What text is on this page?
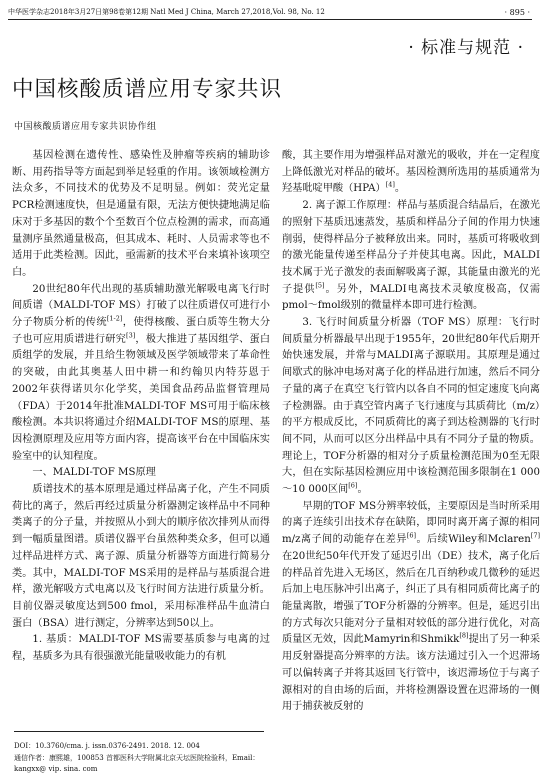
中华医学杂志2018年3月27日第98卷第12期 Natl Med J China, March 27,2018,Vol. 98, No. 12	· 895 ·
· 标准与规范 ·
中国核酸质谱应用专家共识
中国核酸质谱应用专家共识协作组

基因检测在遗传性、感染性及肿瘤等疾病的辅助诊断、用药指导等方面起到举足轻重的作用。该领域检测方法众多，不同技术的优势及不足明显。例如：荧光定量PCR检测速度快，但是通量有限，无法方便快捷地满足临床对于多基因的数个个至数百个位点检测的需求，而高通量测序虽然通量极高，但其成本、耗时、人员需求等也不适用于此类检测。因此，亟需新的技术平台来填补该项空白。

20世纪80年代出现的基质辅助激光解吸电离飞行时间质谱（MALDI-TOF MS）打破了以往质谱仅可进行小分子物质分析的传统[1-2]，使得核酸、蛋白质等生物大分子也可应用质谱进行研究[3]，极大推进了基因组学、蛋白质组学的发展，并且给生物领域及医学领域带来了革命性的突破，由此其奥基人田中耕一和约翰贝内特芬恩于2002年获得诺贝尔化学奖，美国食品药品监督管理局（FDA）于2014年批准MALDI-TOF MS可用于临床核酸检测。本共识将通过介绍MALDI-TOF MS的原理、基因检测原理及应用等方面内容，提高该平台在中国临床实验室中的认知程度。

一、MALDI-TOF MS原理

质谱技术的基本原理是通过样品离子化，产生不同质荷比的离子，然后再经过质量分析器测定该样品中不同种类离子的分子量，并按照从小到大的顺序依次排列从而得到一幅质量图谱。质谱仪器平台虽然种类众多，但可以通过样品进样方式、离子源、质量分析器等方面进行简易分类。其中，MALDI-TOF MS采用的是样品与基质混合进样，激光解吸方式电离以及飞行时间方法进行质量分析。目前仪器灵敏度达到500 fmol，采用标准样品牛血清白蛋白（BSA）进行测定，分辨率达到50以上。

1. 基质：MALDI-TOF MS需要基质参与电离的过程，基质多为具有很强激光能量吸收能力的有机

酸，其主要作用为增强样品对激光的吸收，并在一定程度上降低激光对样品的破坏。基因检测所选用的基质通常为羟基吡啶甲酸（HPA）[4]。

2. 离子源工作原理：样品与基质混合结晶后，在激光的照射下基质迅速蒸发，基质和样品分子间的作用力快速削弱，使得样品分子被释放出来。同时，基质可将吸收到的激光能量传递至样品分子并使其电离。因此，MALDI技术属于光子激发的表面解吸离子源，其能量由激光的光子提供[5]。另外，MALDI电离技术灵敏度极高，仅需pmol～fmol级别的微量样本即可进行检测。

3. 飞行时间质量分析器（TOF MS）原理：飞行时间质量分析器最早出现于1955年，20世纪80年代后期开始快速发展，并常与MALDI离子源联用。其原理是通过间歇式的脉冲电场对离子化的样品进行加速，然后不同分子量的离子在真空飞行管内以各自不同的恒定速度飞向离子检测器。由于真空管内离子飞行速度与其质荷比（m/z）的平方根成反比，不同质荷比的离子到达检测器的飞行时间不同，从而可以区分出样品中具有不同分子量的物质。理论上，TOF分析器的相对分子质量检测范围为0至无限大，但在实际基因检测应用中该检测范围多限制在1 000～10 000区间[6]。

早期的TOF MS分辨率较低，主要原因是当时所采用的离子连续引出技术存在缺陷，即同时离开离子源的相同m/z离子间的动能存在差异[6]。后续Wiley和Mclaren[7]在20世纪50年代开发了延迟引出（DE）技术，离子化后的样品首先进入无场区，然后在几百纳秒或几微秒的延迟后加上电压脉冲引出离子，纠正了具有相同质荷比离子的能量离散，增强了TOF分析器的分辨率。但是，延迟引出的方式每次只能对分子量相对较低的部分进行优化，对高质量区无效，因此Mamyrin和Shmikk[8]提出了另一种采用反射器提高分辨率的方法。该方法通过引入一个迟滞场可以偏转离子并将其返回飞行管中，该迟滞场位于与离子源相对的自由场的后面，并将检测器设置在迟滞场的一侧用于捕获被反射的

DOI：10.3760/cma. j. issn.0376-2491. 2018. 12. 004
通信作者：康熙雄，100853 首都医科大学附属北京天坛医院检验科，Email：kangxx@ vip. sina. com
